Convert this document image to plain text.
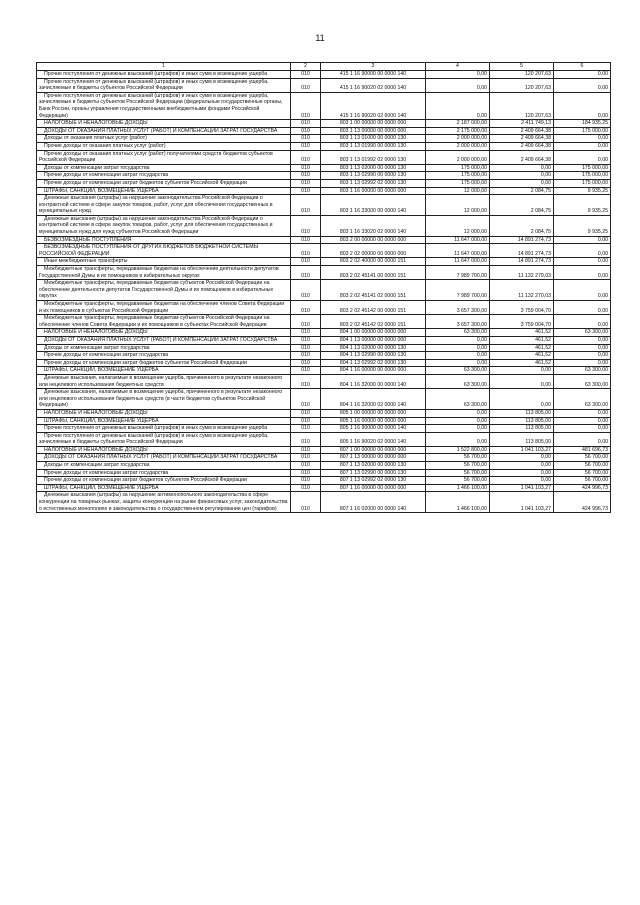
11
1	2	3	4	5	6
Прочие поступления от денежных взысканий (штрафов) и иных сумм в возмещение ущерба	010	415 1 16 90000 00 0000 140	0,00	120 207,63	0,00
Прочие поступления от денежных взысканий (штрафов) и иных сумм в возмещение ущерба, зачисляемые в бюджеты субъектов Российской Федерации	010	415 1 16 90020 02 0000 140	0,00	120 207,63	0,00
Прочие поступления от денежных взысканий (штрафов) и иных сумм в возмещение ущерба, зачисляемые в бюджеты субъектов Российской Федерации (федеральные государственные органы, Банк России, органы управления государственными внебюджетными фондами Российской Федерации)	010	415 1 16 90020 02 6000 140	0,00	120 207,63	0,00
НАЛОГОВЫЕ И НЕНАЛОГОВЫЕ ДОХОДЫ	010	803 1 00 00000 00 0000 000	2 187 000,00	2 411 749,13	184 935,25
ДОХОДЫ ОТ ОКАЗАНИЯ ПЛАТНЫХ УСЛУГ (РАБОТ) И КОМПЕНСАЦИИ ЗАТРАТ ГОСУДАРСТВА	010	803 1 13 00000 00 0000 000	2 175 000,00	2 409 664,38	175 000,00
Доходы от оказания платных услуг (работ)	010	803 1 13 01000 00 0000 130	2 000 000,00	2 409 664,38	0,00
Прочие доходы от оказания платных услуг (работ)	010	803 1 13 01990 00 0000 130	2 000 000,00	2 409 664,38	0,00
Прочие доходы от оказания платных услуг (работ) получателями средств бюджетов субъектов Российской Федерации	010	803 1 13 01992 02 0000 130	2 000 000,00	2 409 664,38	0,00
Доходы от компенсации затрат государства	010	803 1 13 02000 00 0000 130	175 000,00	0,00	175 000,00
Прочие доходы от компенсации затрат государства	010	803 1 13 02990 00 0000 130	175 000,00	0,00	175 000,00
Прочие доходы от компенсации затрат бюджетов субъектов Российской Федерации	010	803 1 13 02992 02 0000 130	175 000,00	0,00	175 000,00
ШТРАФЫ, САНКЦИИ, ВОЗМЕЩЕНИЕ УЩЕРБА	010	803 1 16 00000 00 0000 000	12 000,00	2 084,75	9 935,25
Денежные взыскания (штрафы) за нарушение законодательства Российской Федерации о контрактной системе в сфере закупок товаров, работ, услуг для обеспечения государственных и муниципальных нужд	010	803 1 16 33000 00 0000 140	12 000,00	2 084,75	9 935,25
Денежные взыскания (штрафы) за нарушение законодательства Российской Федерации о контрактной системе в сфере закупок товаров, работ, услуг для обеспечения государственных и муниципальных нужд для нужд субъектов Российской Федерации	010	803 1 16 33020 02 0000 140	12 000,00	2 084,75	9 935,25
БЕЗВОЗМЕЗДНЫЕ ПОСТУПЛЕНИЯ	010	803 2 00 00000 00 0000 000	11 647 000,00	14 891 274,73	0,00
БЕЗВОЗМЕЗДНЫЕ ПОСТУПЛЕНИЯ ОТ ДРУГИХ БЮДЖЕТОВ БЮДЖЕТНОЙ СИСТЕМЫ РОССИЙСКОЙ ФЕДЕРАЦИИ	010	803 2 02 00000 00 0000 000	11 647 000,00	14 891 274,73	0,00
Иные межбюджетные трансферты	010	803 2 02 40000 00 0000 151	11 647 000,00	14 891 274,73	0,00
Межбюджетные трансферты, передаваемые бюджетам на обеспечение деятельности депутатов Государственной Думы и их помощников в избирательных округах	010	803 2 02 45141 00 0000 151	7 989 700,00	11 132 270,03	0,00
Межбюджетные трансферты, передаваемые бюджетам субъектов Российской Федерации на обеспечение деятельности депутатов Государственной Думы и их помощников в избирательных округах	010	803 2 02 45141 02 0000 151	7 989 700,00	11 132 270,03	0,00
Межбюджетные трансферты, передаваемые бюджетам на обеспечение членов Совета Федерации и их помощников в субъектах Российской Федерации	010	803 2 02 45142 00 0000 151	3 657 300,00	3 759 004,70	0,00
Межбюджетные трансферты, передаваемые бюджетам субъектов Российской Федерации на обеспечение членов Совета Федерации и их помощников в субъектах Российской Федерации	010	803 2 02 45142 02 0000 151	3 657 300,00	3 759 004,70	0,00
НАЛОГОВЫЕ И НЕНАЛОГОВЫЕ ДОХОДЫ	010	804 1 00 00000 00 0000 000	63 300,00	461,52	63 300,00
ДОХОДЫ ОТ ОКАЗАНИЯ ПЛАТНЫХ УСЛУГ (РАБОТ) И КОМПЕНСАЦИИ ЗАТРАТ ГОСУДАРСТВА	010	804 1 13 00000 00 0000 000	0,00	461,52	0,00
Доходы от компенсации затрат государства	010	804 1 13 02000 00 0000 130	0,00	461,52	0,00
Прочие доходы от компенсации затрат государства	010	804 1 13 02990 00 0000 130	0,00	461,52	0,00
Прочие доходы от компенсации затрат бюджетов субъектов Российской Федерации	010	804 1 13 02992 02 0000 130	0,00	461,52	0,00
ШТРАФЫ, САНКЦИИ, ВОЗМЕЩЕНИЕ УЩЕРБА	010	804 1 16 00000 00 0000 000	63 300,00	0,00	63 300,00
Денежные взыскания, налагаемые в возмещение ущерба, причиненного в результате незаконного или нецелевого использования бюджетных средств	010	804 1 16 32000 00 0000 140	63 300,00	0,00	63 300,00
Денежные взыскания, налагаемые в возмещение ущерба, причиненного в результате незаконного или нецелевого использования бюджетных средств (в части бюджетов субъектов Российской Федерации)	010	804 1 16 32000 02 0000 140	63 300,00	0,00	63 300,00
НАЛОГОВЫЕ И НЕНАЛОГОВЫЕ ДОХОДЫ	010	805 1 00 00000 00 0000 000	0,00	113 805,00	0,00
ШТРАФЫ, САНКЦИИ, ВОЗМЕЩЕНИЕ УЩЕРБА	010	805 1 16 00000 00 0000 000	0,00	113 805,00	0,00
Прочие поступления от денежных взысканий (штрафов) и иных сумм в возмещение ущерба	010	805 1 16 90000 00 0000 140	0,00	113 805,00	0,00
Прочие поступления от денежных взысканий (штрафов) и иных сумм в возмещение ущерба, зачисляемые в бюджеты субъектов Российской Федерации	010	805 1 16 90020 02 0000 140	0,00	113 805,00	0,00
НАЛОГОВЫЕ И НЕНАЛОГОВЫЕ ДОХОДЫ	010	807 1 00 00000 00 0000 000	1 522 800,00	1 041 103,27	481 696,73
ДОХОДЫ ОТ ОКАЗАНИЯ ПЛАТНЫХ УСЛУГ (РАБОТ) И КОМПЕНСАЦИИ ЗАТРАТ ГОСУДАРСТВА	010	807 1 13 00000 00 0000 000	56 700,00	0,00	56 700,00
Доходы от компенсации затрат государства	010	807 1 13 02000 00 0000 130	56 700,00	0,00	56 700,00
Прочие доходы от компенсации затрат государства	010	807 1 13 02990 00 0000 130	56 700,00	0,00	56 700,00
Прочие доходы от компенсации затрат бюджетов субъектов Российской Федерации	010	807 1 13 02992 02 0000 130	56 700,00	0,00	56 700,00
ШТРАФЫ, САНКЦИИ, ВОЗМЕЩЕНИЕ УЩЕРБА	010	807 1 16 00000 00 0000 000	1 466 100,00	1 041 103,27	424 996,73
Денежные взыскания (штрафы) за нарушение антимонопольного законодательства в сфере конкуренции на товарных рынках, защиты конкуренции на рынке финансовых услуг, законодательства о естественных монополиях и законодательства о государственном регулировании цен (тарифов)	010	807 1 16 02000 00 0000 140	1 466 100,00	1 041 103,27	424 996,73
